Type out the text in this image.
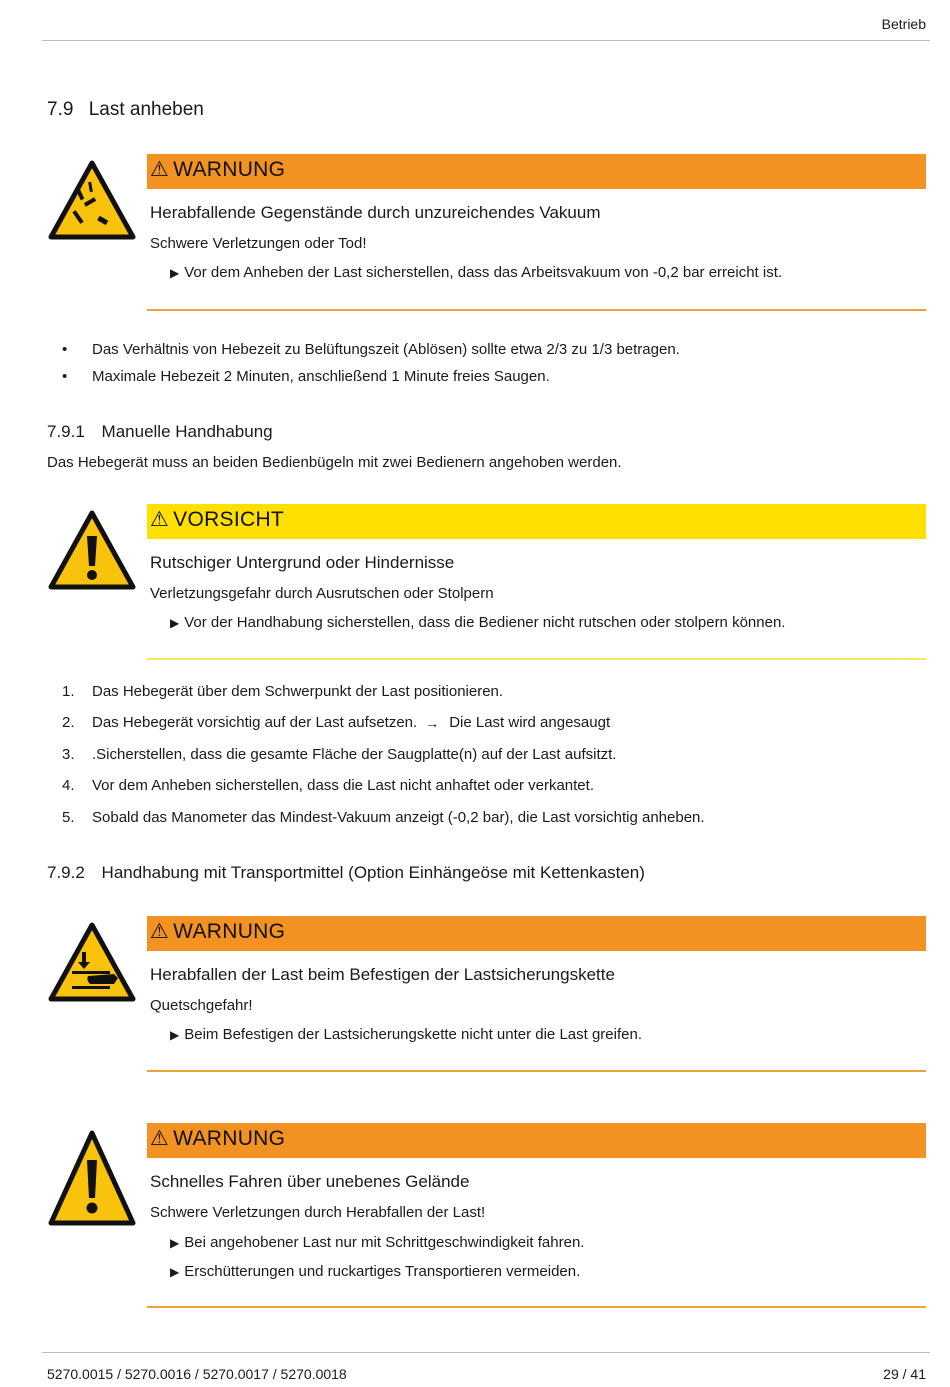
Betrieb
7.9 Last anheben
⚠ WARNUNG
Herabfallende Gegenstände durch unzureichendes Vakuum
Schwere Verletzungen oder Tod!
▶ Vor dem Anheben der Last sicherstellen, dass das Arbeitsvakuum von -0,2 bar erreicht ist.
• Das Verhältnis von Hebezeit zu Belüftungszeit (Ablösen) sollte etwa 2/3 zu 1/3 betragen.
• Maximale Hebezeit 2 Minuten, anschließend 1 Minute freies Saugen.
7.9.1 Manuelle Handhabung
Das Hebegerät muss an beiden Bedienbügeln mit zwei Bedienern angehoben werden.
⚠ VORSICHT
Rutschiger Untergrund oder Hindernisse
Verletzungsgefahr durch Ausrutschen oder Stolpern
▶ Vor der Handhabung sicherstellen, dass die Bediener nicht rutschen oder stolpern können.
1. Das Hebegerät über dem Schwerpunkt der Last positionieren.
2. Das Hebegerät vorsichtig auf der Last aufsetzen. → Die Last wird angesaugt
3. .Sicherstellen, dass die gesamte Fläche der Saugplatte(n) auf der Last aufsitzt.
4. Vor dem Anheben sicherstellen, dass die Last nicht anhaftet oder verkantet.
5. Sobald das Manometer das Mindest-Vakuum anzeigt (-0,2 bar), die Last vorsichtig anheben.
7.9.2 Handhabung mit Transportmittel (Option Einhängeöse mit Kettenkasten)
⚠ WARNUNG
Herabfallen der Last beim Befestigen der Lastsicherungskette
Quetschgefahr!
▶ Beim Befestigen der Lastsicherungskette nicht unter die Last greifen.
⚠ WARNUNG
Schnelles Fahren über unebenes Gelände
Schwere Verletzungen durch Herabfallen der Last!
▶ Bei angehobener Last nur mit Schrittgeschwindigkeit fahren.
▶ Erschütterungen und ruckartiges Transportieren vermeiden.
5270.0015 / 5270.0016 / 5270.0017 / 5270.0018	29 / 41
